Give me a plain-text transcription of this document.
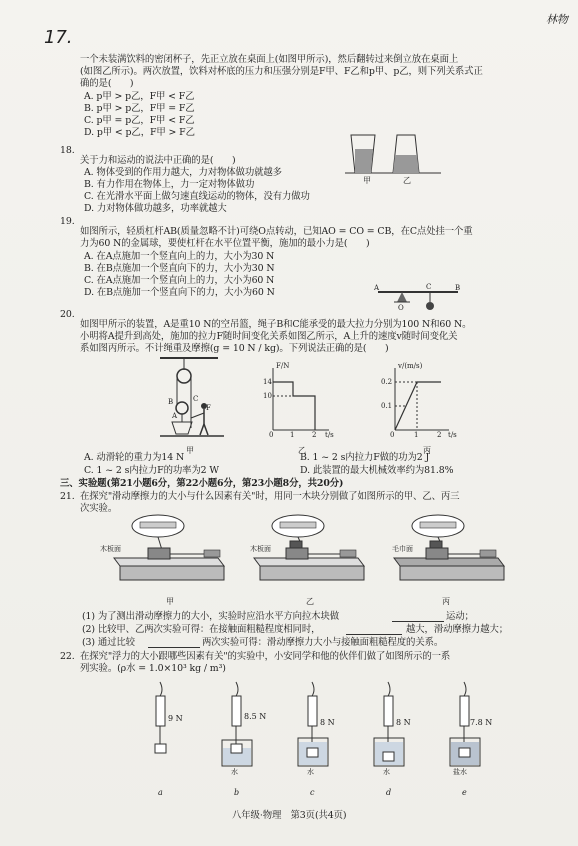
林物
17.
一个未装满饮料的密闭杯子，先正立放在桌面上(如图甲所示)，然后翻转过来倒立放在桌面上
(如图乙所示)。两次放置，饮料对杯底的压力和压强分别是F甲、F乙和p甲、p乙，则下列关系式正
确的是(　　)
A. p甲 > p乙，F甲 < F乙
B. p甲 > p乙，F甲 = F乙
C. p甲 = p乙，F甲 < F乙
D. p甲 < p乙，F甲 > F乙
甲	乙
18.
关于力和运动的说法中正确的是(　　)
A. 物体受到的作用力越大，力对物体做功就越多
B. 有力作用在物体上，力一定对物体做功
C. 在光滑水平面上做匀速直线运动的物体，没有力做功
D. 力对物体做功越多，功率就越大
19.
如图所示，轻质杠杆AB(质量忽略不计)可绕O点转动，已知AO = CO = CB，在C点处挂一个重
力为60 N的金属球，要使杠杆在水平位置平衡，施加的最小力是(　　)
A. 在A点施加一个竖直向上的力，大小为30 N
B. 在B点施加一个竖直向下的力，大小为30 N
C. 在A点施加一个竖直向上的力，大小为60 N
D. 在B点施加一个竖直向下的力，大小为60 N	A
O
C	B
20.
如图甲所示的装置，A是重10 N的空吊篮，绳子B和C能承受的最大拉力分别为100 N和60 N。
小明将A提升到高处，施加的拉力F随时间变化关系如图乙所示，A上升的速度v随时间变化关
系如图丙所示。不计绳重及摩擦(g = 10 N / kg)。下列说法正确的是(　　)
B
A
C
F
甲
F/N
14
10
0 1	2 t/s
乙
v/(m/s)
0.2
0.1
0	1	2 t/s
丙
A. 动滑轮的重力为14 N	B. 1 ~ 2 s内拉力F做的功为2 J
C. 1 ~ 2 s内拉力F的功率为2 W	D. 此装置的最大机械效率约为81.8%
三、实验题(第21小题6分，第22小题6分，第23小题8分，共20分)
21. 在探究"滑动摩擦力的大小与什么因素有关"时，用同一木块分别做了如图所示的甲、乙、丙三
次实验。
木板面	木板面	毛巾面
甲	乙	丙
(1) 为了测出滑动摩擦力的大小，实验时应沿水平方向拉木块做	运动；
(2) 比较甲、乙两次实验可得：在接触面粗糙程度相同时，	越大，滑动摩擦力越大；
(3) 通过比较	两次实验可得：滑动摩擦力大小与接触面粗糙程度的关系。
22. 在探究"浮力的大小跟哪些因素有关"的实验中，小安同学和他的伙伴们做了如图所示的一系
列实验。(ρ水 = 1.0×10³ kg / m³)
9 N	8.5 N
8 N	8 N	7.8 N
水	水	水	盐水
a	b	c	d	e
八年级·物理　第3页(共4页)
